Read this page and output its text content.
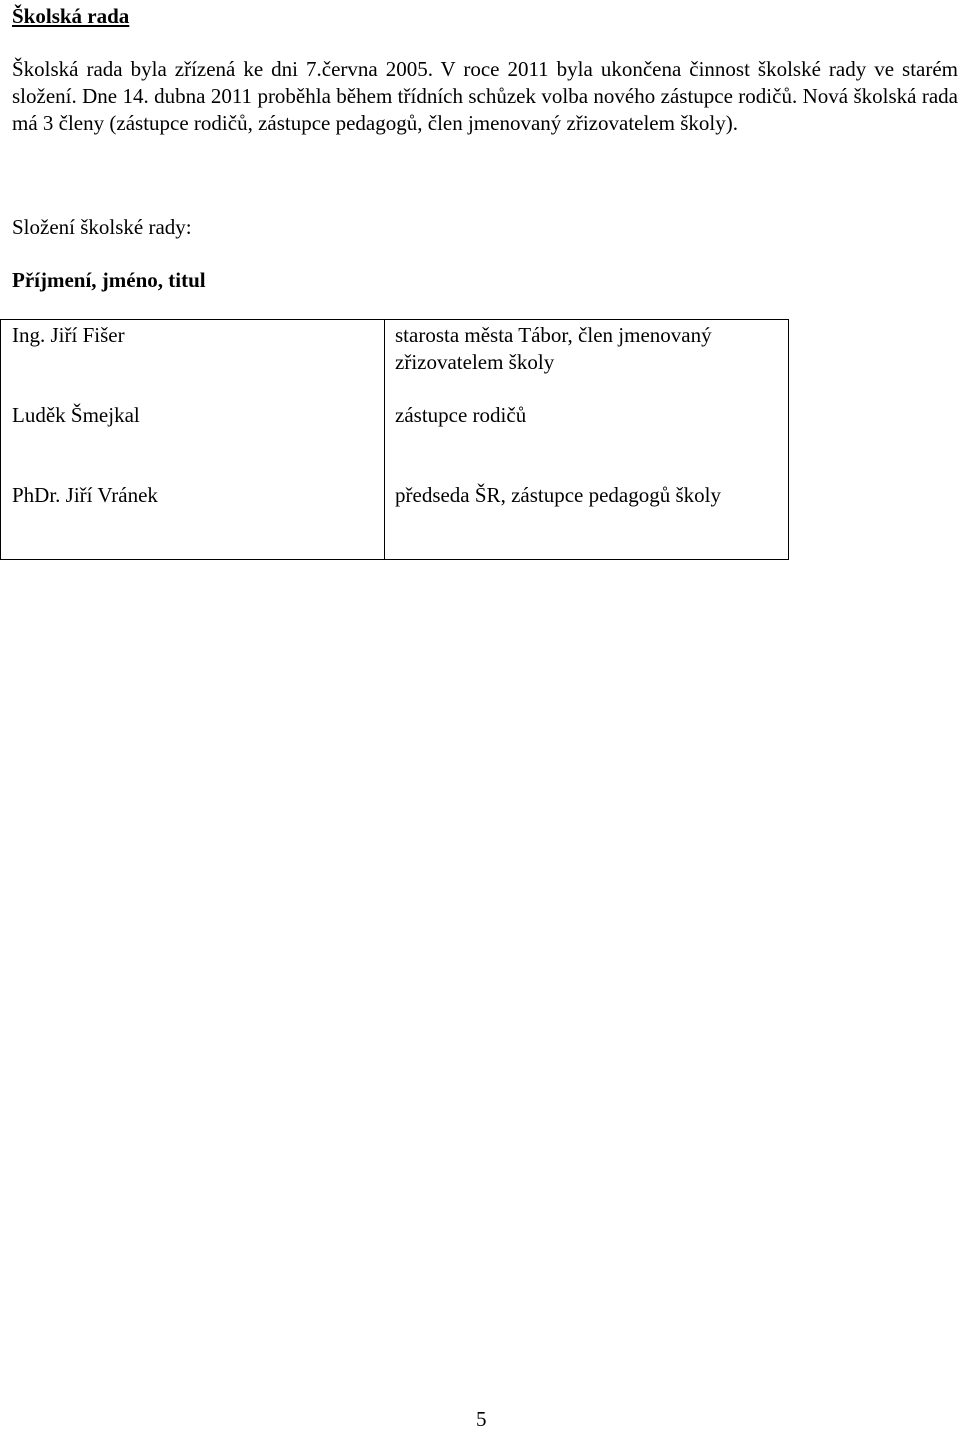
Školská rada

Školská rada byla zřízená ke dni 7.června 2005. V roce 2011 byla ukončena činnost školské rady ve starém složení. Dne 14. dubna 2011 proběhla během třídních schůzek volba nového zástupce rodičů. Nová školská rada má 3 členy (zástupce rodičů, zástupce pedagogů, člen jmenovaný zřizovatelem školy).

Složení školské rady:

Příjmení, jméno, titul

Ing. Jiří Fišer	starosta města Tábor, člen jmenovaný zřizovatelem školy

Luděk Šmejkal	zástupce rodičů

PhDr. Jiří Vránek	předseda ŠR, zástupce pedagogů školy

5
